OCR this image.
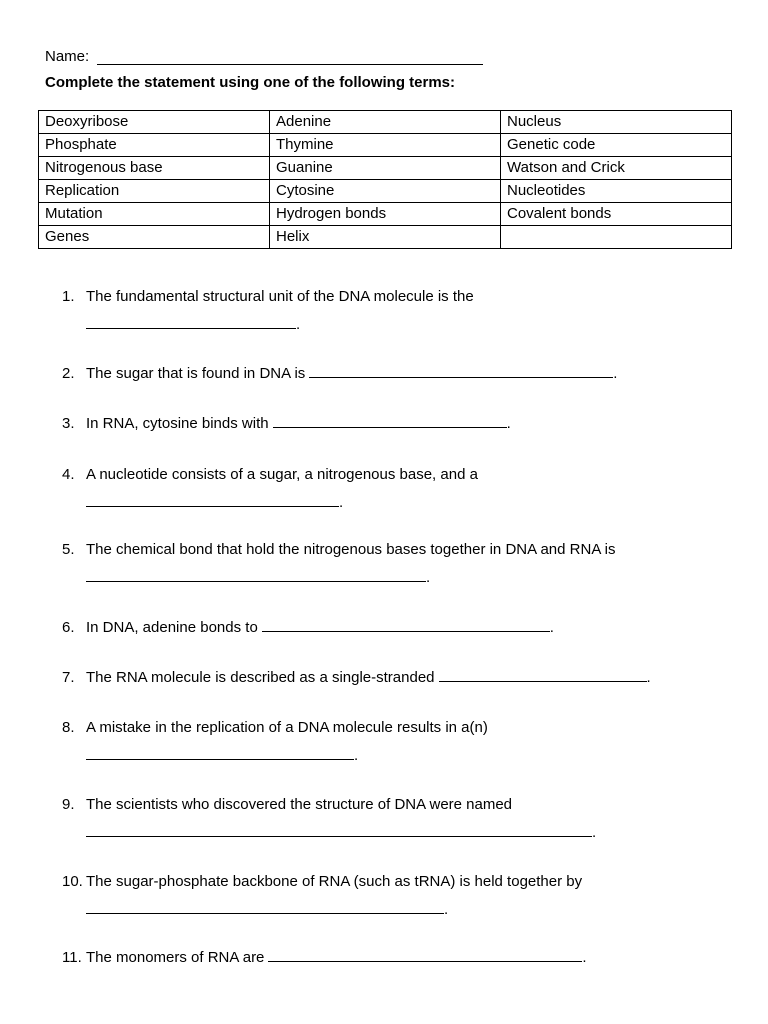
Name:
Complete the statement using one of the following terms:
Deoxyribose	Adenine	Nucleus
Phosphate	Thymine	Genetic code
Nitrogenous base	Guanine	Watson and Crick
Replication	Cytosine	Nucleotides
Mutation	Hydrogen bonds	Covalent bonds
Genes	Helix	
1. The fundamental structural unit of the DNA molecule is the
.
2. The sugar that is found in DNA is	.
3. In RNA, cytosine binds with	.
4. A nucleotide consists of a sugar, a nitrogenous base, and a
.
5. The chemical bond that hold the nitrogenous bases together in DNA and RNA is
.
6. In DNA, adenine bonds to	.
7. The RNA molecule is described as a single-stranded	.
8. A mistake in the replication of a DNA molecule results in a(n)
.
9. The scientists who discovered the structure of DNA were named
.
10. The sugar-phosphate backbone of RNA (such as tRNA) is held together by
.
11. The monomers of RNA are	.
